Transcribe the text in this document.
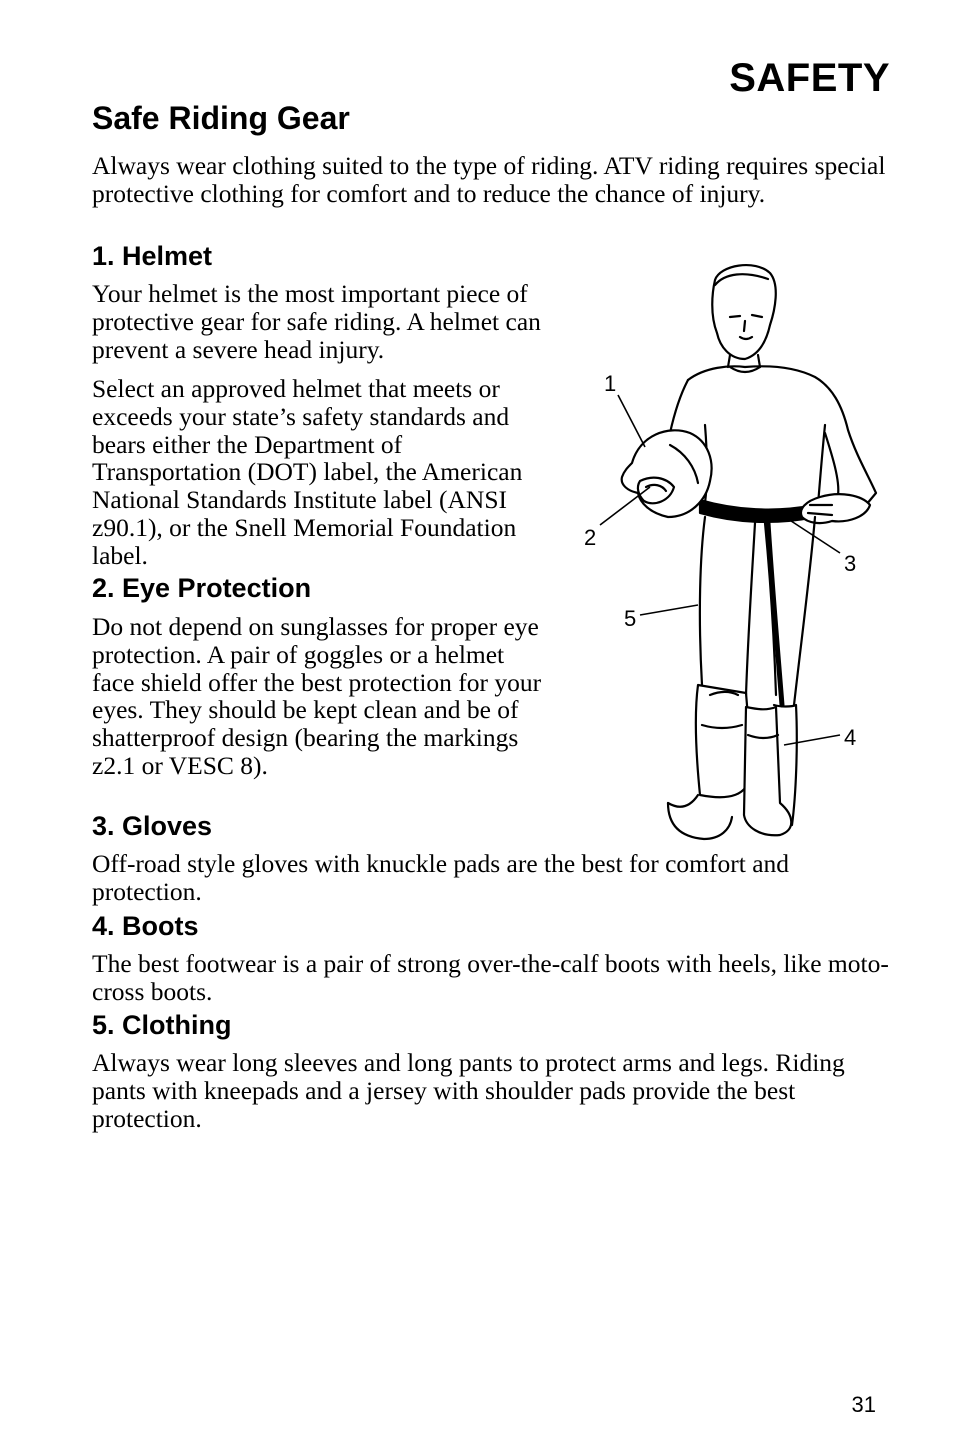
SAFETY
Safe Riding Gear

Always wear clothing suited to the type of riding. ATV riding requires special protective clothing for comfort and to reduce the chance of injury.

1. Helmet

Your helmet is the most important piece of protective gear for safe riding. A helmet can prevent a severe head injury.

Select an approved helmet that meets or exceeds your state’s safety standards and bears either the Department of Transportation (DOT) label, the American National Standards Institute label (ANSI z90.1), or the Snell Memorial Foundation label.

2. Eye Protection

Do not depend on sunglasses for proper eye protection. A pair of goggles or a helmet face shield offer the best protection for your eyes. They should be kept clean and be of shatterproof design (bearing the markings z2.1 or VESC 8).

3. Gloves

Off-road style gloves with knuckle pads are the best for comfort and protection.

4. Boots

The best footwear is a pair of strong over-the-calf boots with heels, like moto-cross boots.

5. Clothing

Always wear long sleeves and long pants to protect arms and legs. Riding pants with kneepads and a jersey with shoulder pads provide the best protection.

1
2
3
4
5

31
